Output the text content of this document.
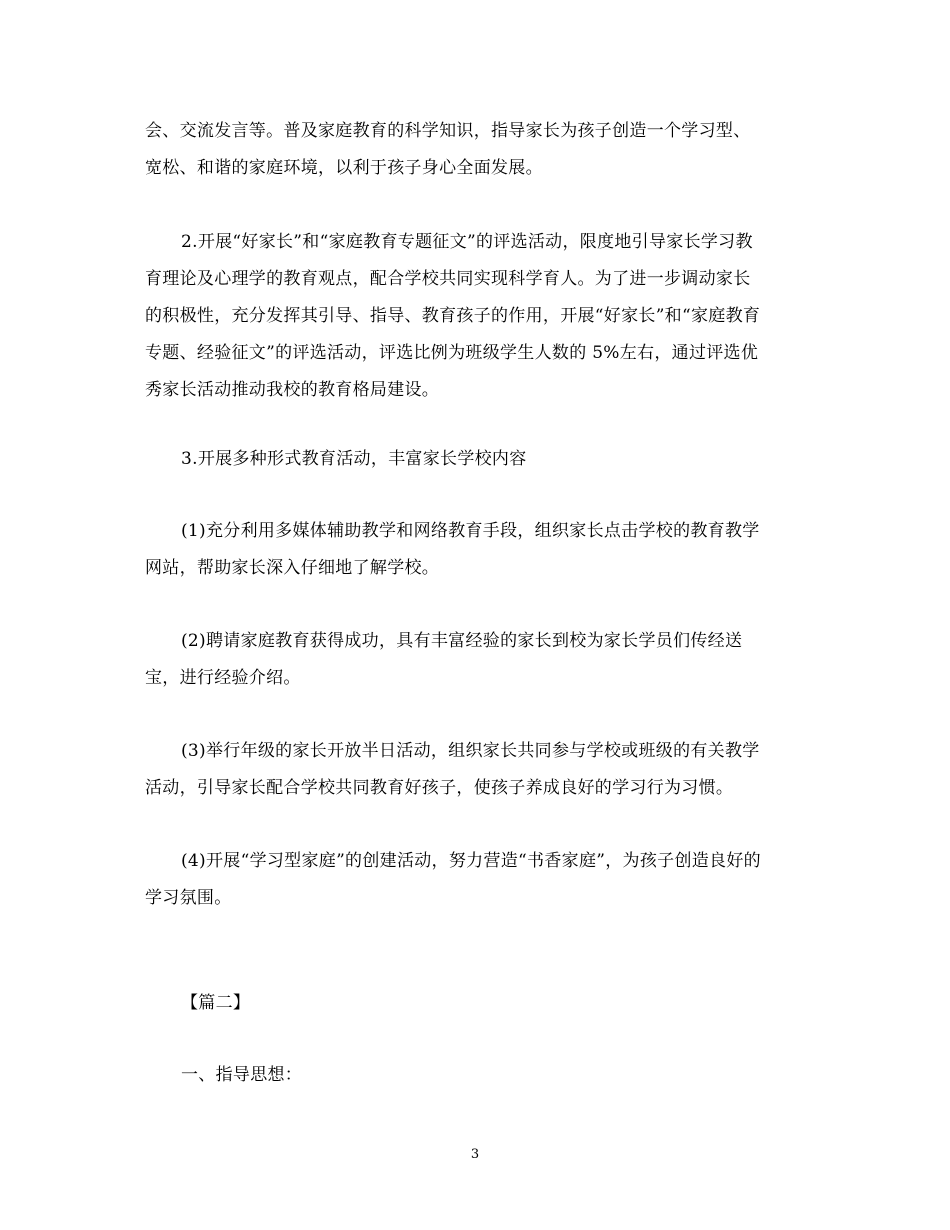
会、交流发言等。普及家庭教育的科学知识，指导家长为孩子创造一个学习型、
宽松、和谐的家庭环境，以利于孩子身心全面发展。

2.开展“好家长”和“家庭教育专题征文”的评选活动，限度地引导家长学习教
育理论及心理学的教育观点，配合学校共同实现科学育人。为了进一步调动家长
的积极性，充分发挥其引导、指导、教育孩子的作用，开展“好家长”和“家庭教育
专题、经验征文”的评选活动，评选比例为班级学生人数的 5%左右，通过评选优
秀家长活动推动我校的教育格局建设。

3.开展多种形式教育活动，丰富家长学校内容

(1)充分利用多媒体辅助教学和网络教育手段，组织家长点击学校的教育教学
网站，帮助家长深入仔细地了解学校。

(2)聘请家庭教育获得成功，具有丰富经验的家长到校为家长学员们传经送
宝，进行经验介绍。

(3)举行年级的家长开放半日活动，组织家长共同参与学校或班级的有关教学
活动，引导家长配合学校共同教育好孩子，使孩子养成良好的学习行为习惯。

(4)开展“学习型家庭”的创建活动，努力营造“书香家庭”，为孩子创造良好的
学习氛围。

【篇二】

一、指导思想：

3
